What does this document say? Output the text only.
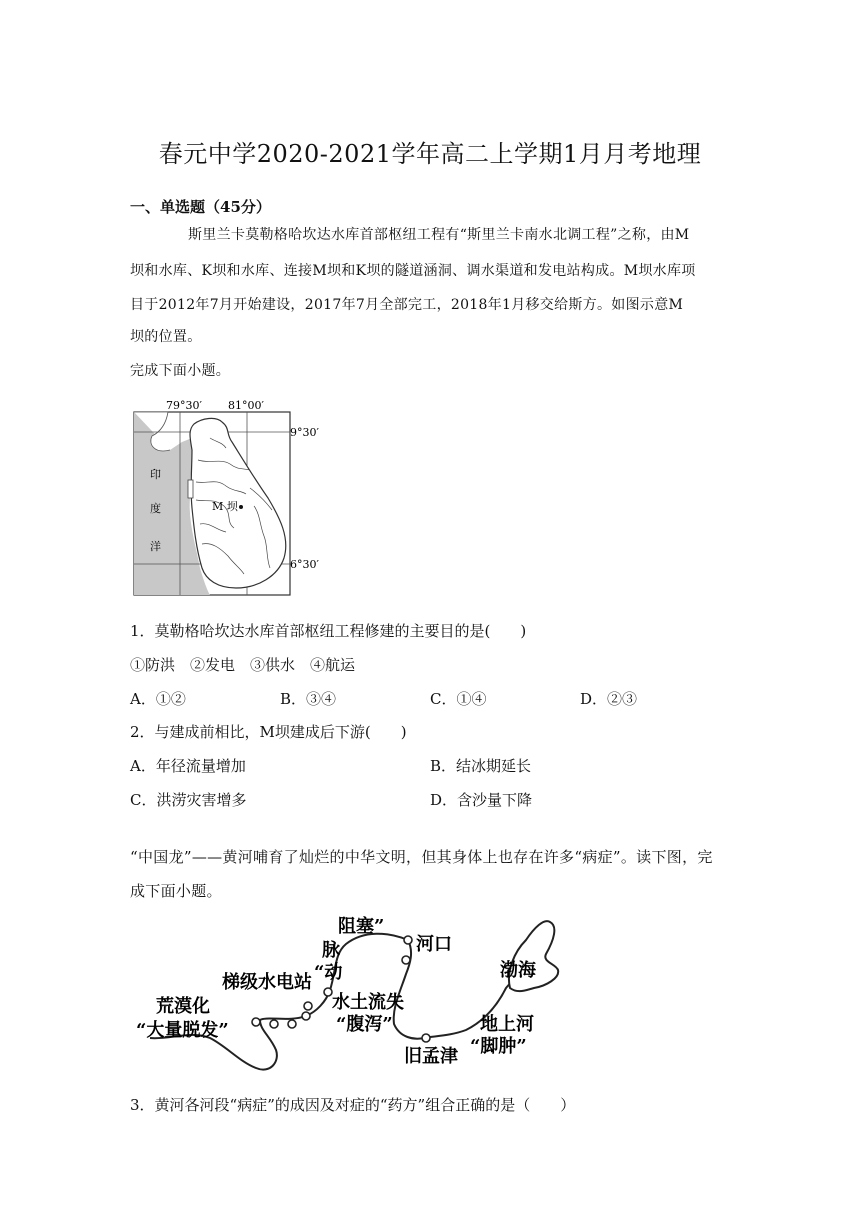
春元中学2020-2021学年高二上学期1月月考地理
一、单选题（45分）
斯里兰卡莫勒格哈坎达水库首部枢纽工程有“斯里兰卡南水北调工程”之称，由M
坝和水库、K坝和水库、连接M坝和K坝的隧道涵洞、调水渠道和发电站构成。M坝水库项
目于2012年7月开始建设，2017年7月全部完工，2018年1月移交给斯方。如图示意M
坝的位置。
完成下面小题。
M 坝
79°30′ 81°00′
9°30′
6°30′
印
度
洋
1．莫勒格哈坎达水库首部枢纽工程修建的主要目的是(　　)
①防洪　②发电　③供水　④航运
A．①②	B．③④	C．①④	D．②③
2．与建成前相比，M坝建成后下游(　　)
A．年径流量增加	B．结冰期延长
C．洪涝灾害增多	D．含沙量下降
“中国龙”——黄河哺育了灿烂的中华文明，但其身体上也存在许多“病症”。读下图，完
成下面小题。
荒漠化
“大量脱发”
梯级水电站
脉
“动
阻塞”
河口
水土流失
“腹泻”
渤海
地上河
“脚肿”
旧孟津
3．黄河各河段“病症”的成因及对症的“药方”组合正确的是（　　）
